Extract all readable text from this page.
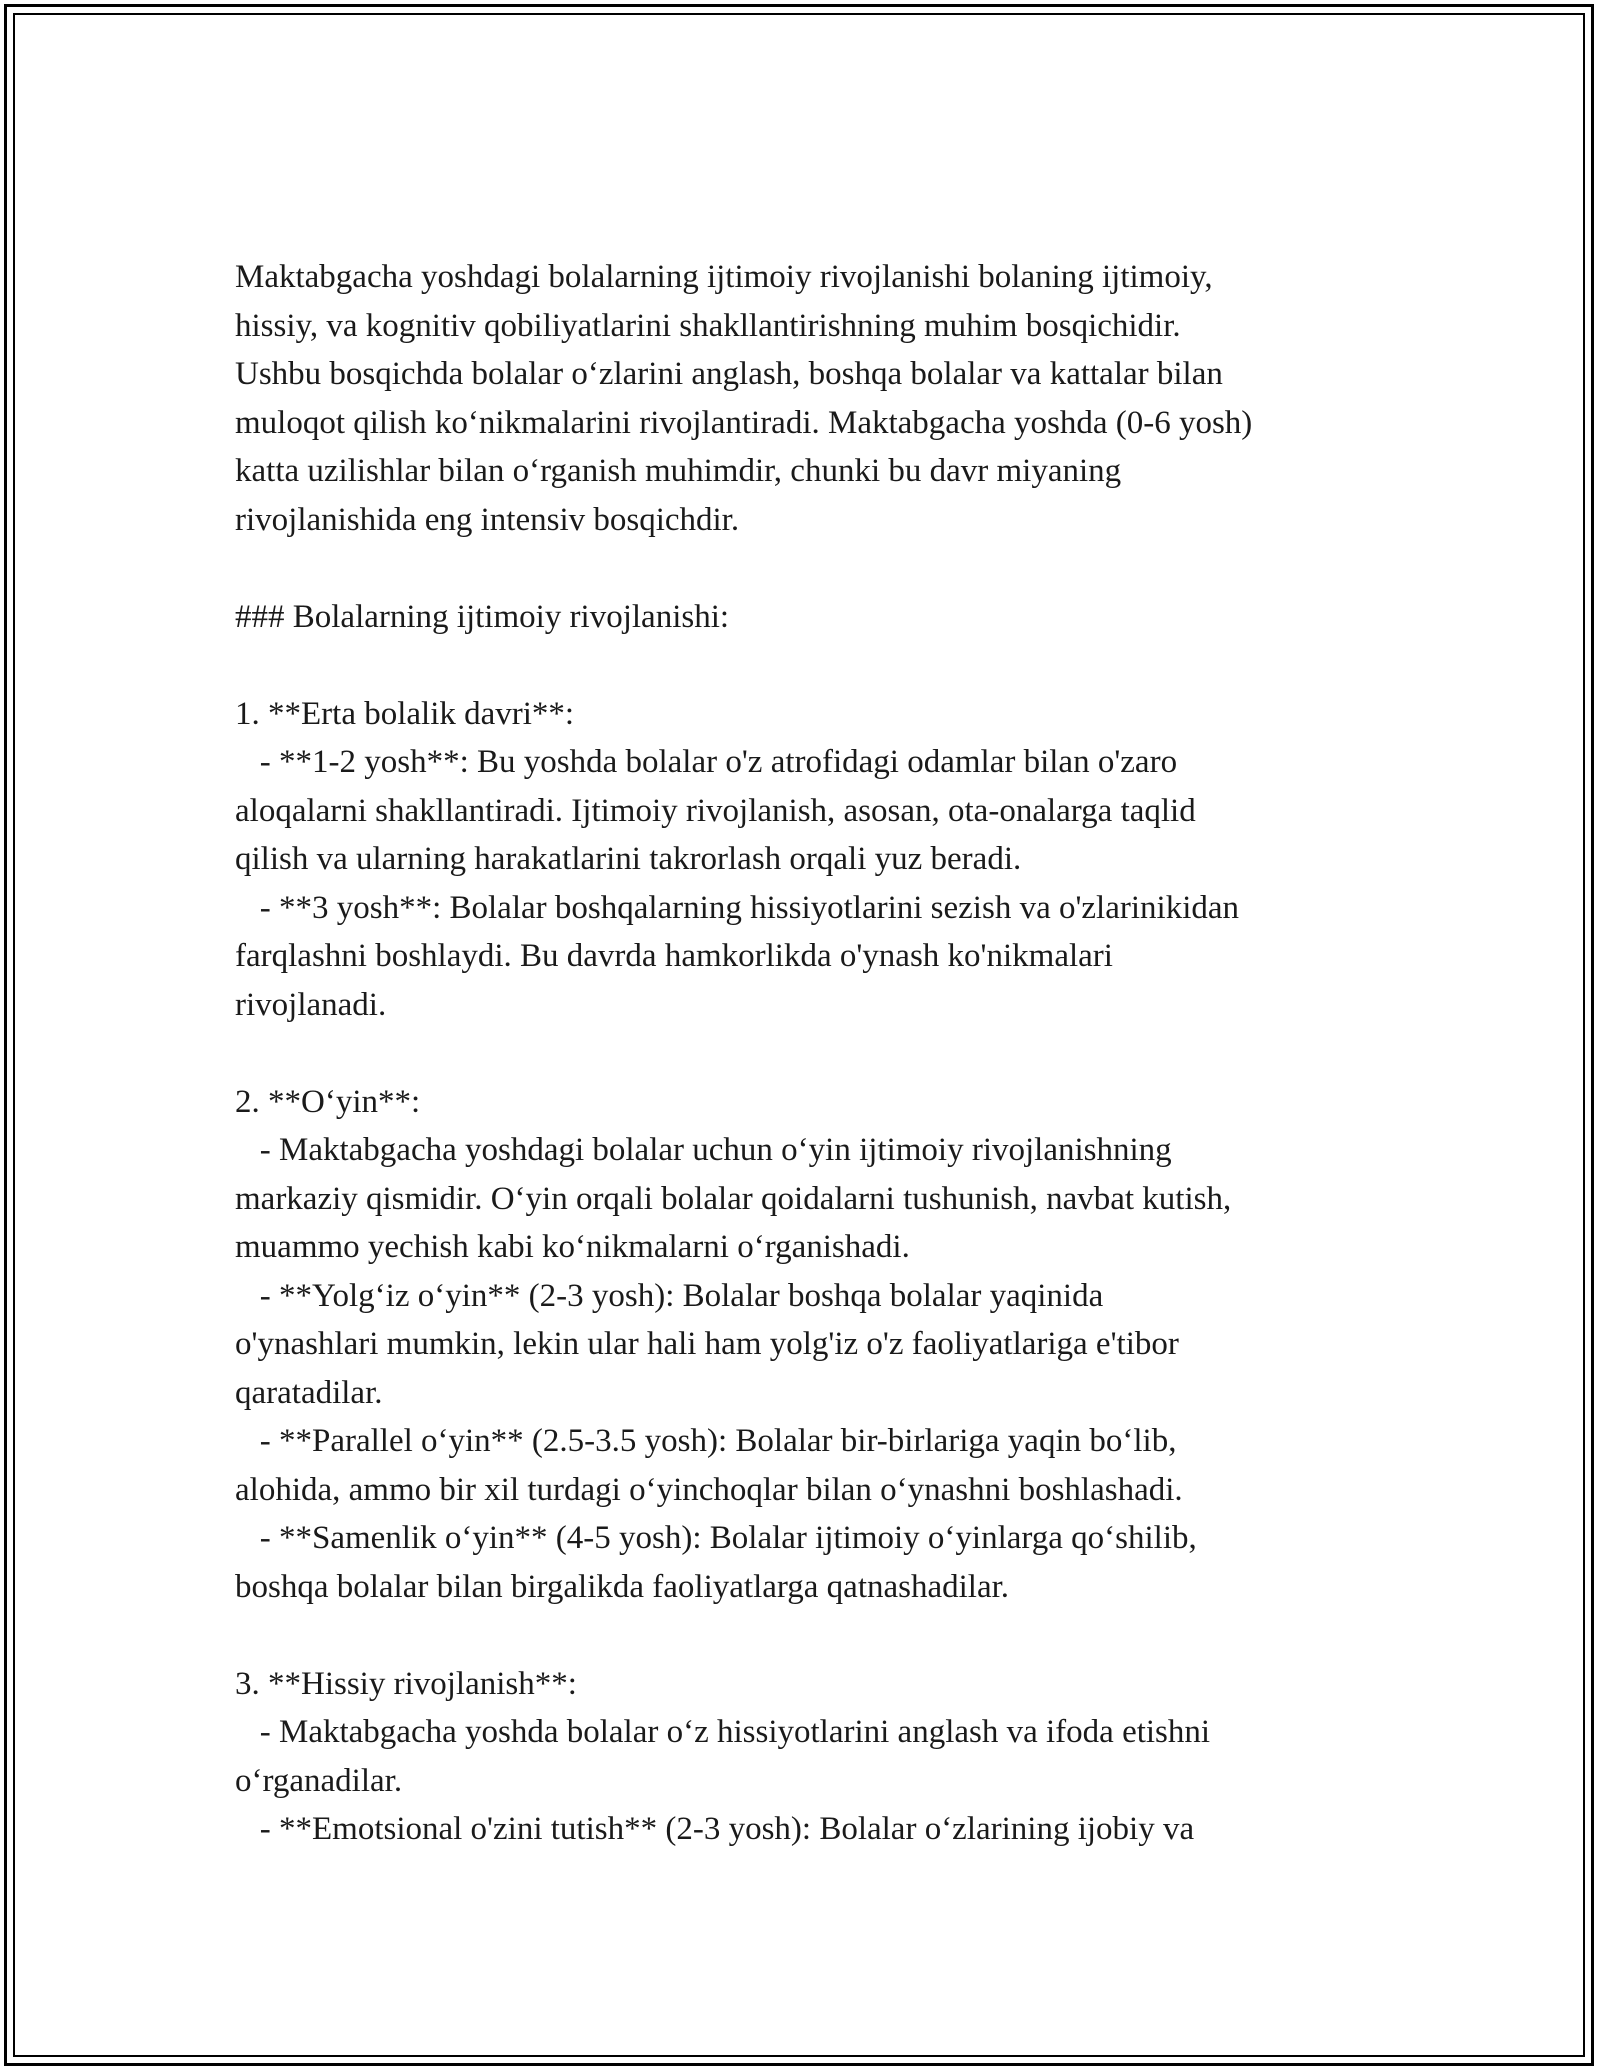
Maktabgacha yoshdagi bolalarning ijtimoiy rivojlanishi bolaning ijtimoiy,

hissiy, va kognitiv qobiliyatlarini shakllantirishning muhim bosqichidir.

Ushbu bosqichda bolalar o‘zlarini anglash, boshqa bolalar va kattalar bilan

muloqot qilish ko‘nikmalarini rivojlantiradi. Maktabgacha yoshda (0-6 yosh)

katta uzilishlar bilan o‘rganish muhimdir, chunki bu davr miyaning

rivojlanishida eng intensiv bosqichdir.

### Bolalarning ijtimoiy rivojlanishi:

1. **Erta bolalik davri**:

- **1-2 yosh**: Bu yoshda bolalar o'z atrofidagi odamlar bilan o'zaro

aloqalarni shakllantiradi. Ijtimoiy rivojlanish, asosan, ota-onalarga taqlid

qilish va ularning harakatlarini takrorlash orqali yuz beradi.

- **3 yosh**: Bolalar boshqalarning hissiyotlarini sezish va o'zlarinikidan

farqlashni boshlaydi. Bu davrda hamkorlikda o'ynash ko'nikmalari

rivojlanadi.

2. **O‘yin**:

- Maktabgacha yoshdagi bolalar uchun o‘yin ijtimoiy rivojlanishning

markaziy qismidir. O‘yin orqali bolalar qoidalarni tushunish, navbat kutish,

muammo yechish kabi ko‘nikmalarni o‘rganishadi.

- **Yolg‘iz o‘yin** (2-3 yosh): Bolalar boshqa bolalar yaqinida

o'ynashlari mumkin, lekin ular hali ham yolg'iz o'z faoliyatlariga e'tibor

qaratadilar.

- **Parallel o‘yin** (2.5-3.5 yosh): Bolalar bir-birlariga yaqin bo‘lib,

alohida, ammo bir xil turdagi o‘yinchoqlar bilan o‘ynashni boshlashadi.

- **Samenlik o‘yin** (4-5 yosh): Bolalar ijtimoiy o‘yinlarga qo‘shilib,

boshqa bolalar bilan birgalikda faoliyatlarga qatnashadilar.

3. **Hissiy rivojlanish**:

- Maktabgacha yoshda bolalar o‘z hissiyotlarini anglash va ifoda etishni

o‘rganadilar.

- **Emotsional o'zini tutish** (2-3 yosh): Bolalar o‘zlarining ijobiy va
